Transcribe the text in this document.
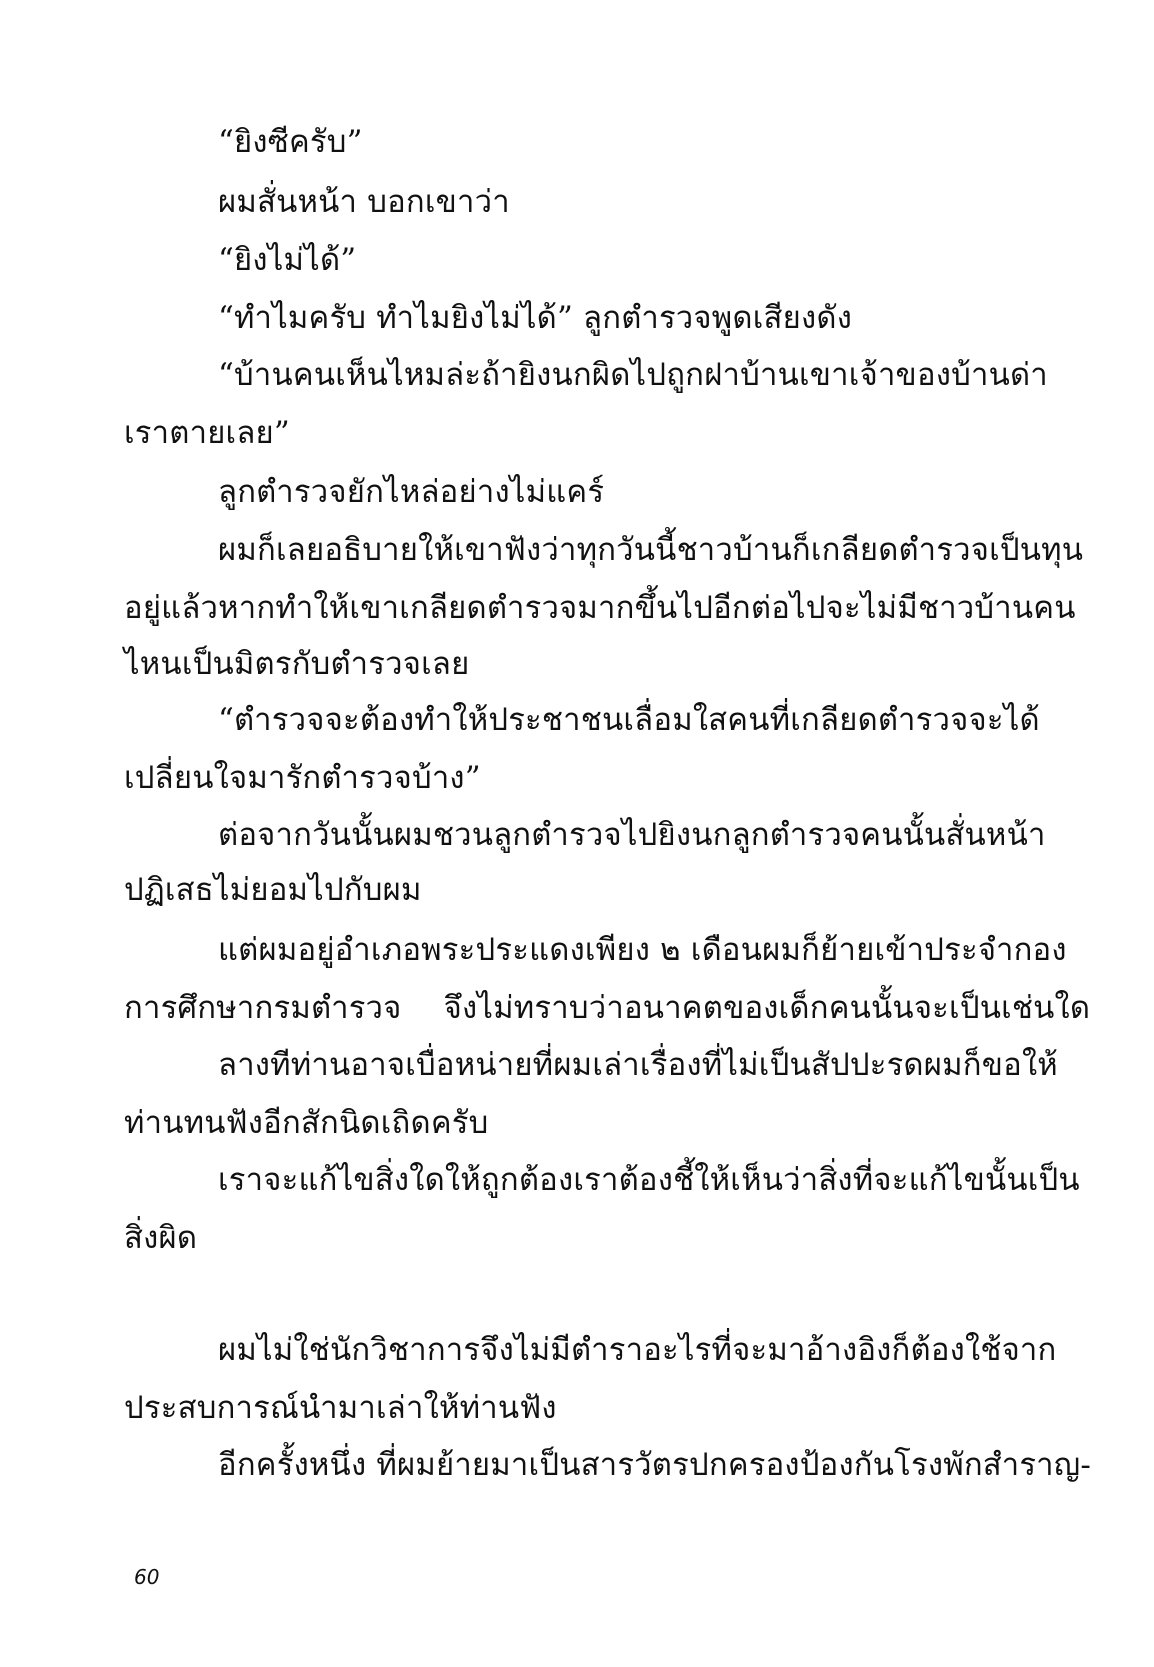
“ยิงซีครับ”
ผมสั่นหน้า บอกเขาว่า
“ยิงไม่ได้”
“ทำไมครับ ทำไมยิงไม่ได้” ลูกตำรวจพูดเสียงดัง
“บ้านคนเห็นไหมล่ะ ถ้ายิงนกผิดไปถูกฝาบ้านเขา เจ้าของบ้านด่า
เราตายเลย”
ลูกตำรวจยักไหล่อย่างไม่แคร์
ผมก็เลยอธิบายให้เขาฟังว่า ทุกวันนี้ชาวบ้านก็เกลียดตำรวจเป็นทุน
อยู่แล้ว หากทำให้เขาเกลียดตำรวจมากขึ้นไปอีก ต่อไปจะไม่มีชาวบ้านคน
ไหนเป็นมิตรกับตำรวจเลย
“ตำรวจจะต้องทำให้ประชาชนเลื่อมใส คนที่เกลียดตำรวจจะได้
เปลี่ยนใจมารักตำรวจบ้าง”
ต่อจากวันนั้น ผมชวนลูกตำรวจไปยิงนก ลูกตำรวจคนนั้นสั่นหน้า
ปฏิเสธไม่ยอมไปกับผม
แต่ผมอยู่อำเภอพระประแดงเพียง ๒ เดือน ผมก็ย้ายเข้าประจำกอง
การศึกษากรมตำรวจ จึงไม่ทราบว่าอนาคตของเด็กคนนั้นจะเป็นเช่นใด
ลางทีท่านอาจเบื่อหน่ายที่ผมเล่าเรื่องที่ไม่เป็นสัปปะรด ผมก็ขอให้
ท่านทนฟังอีกสักนิดเถิดครับ
เราจะแก้ไขสิ่งใดให้ถูกต้อง เราต้องชี้ให้เห็นว่าสิ่งที่จะแก้ไขนั้นเป็น
สิ่งผิด
ผมไม่ใช่นักวิชาการจึงไม่มีตำราอะไรที่จะมาอ้างอิง ก็ต้องใช้จาก
ประสบการณ์นำมาเล่าให้ท่านฟัง
อีกครั้งหนึ่ง ที่ผมย้ายมาเป็นสารวัตรปกครองป้องกันโรงพักสำราญ-
60
